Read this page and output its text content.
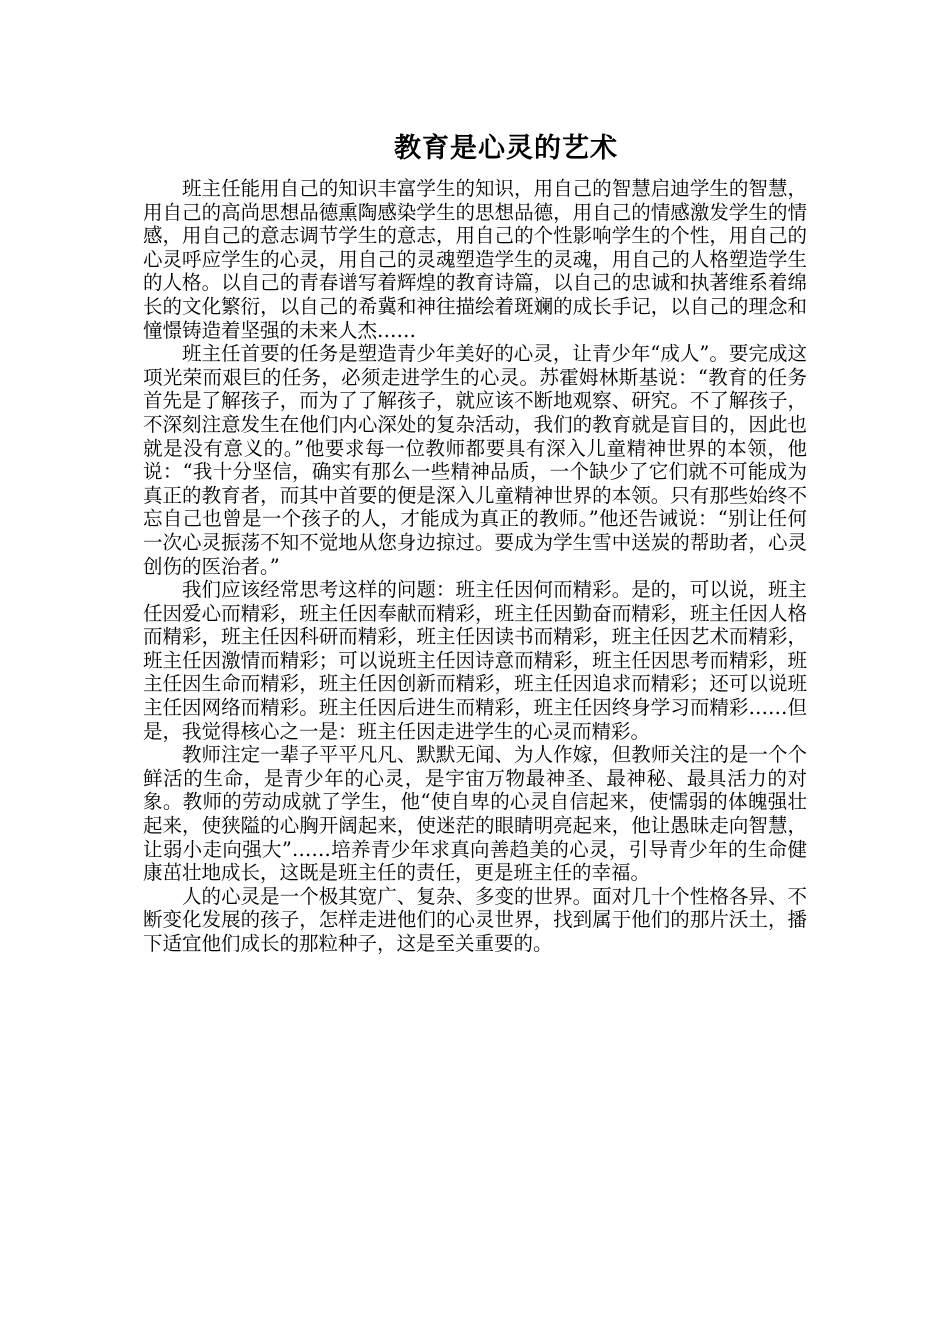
教育是心灵的艺术

班主任能用自己的知识丰富学生的知识，用自己的智慧启迪学生的智慧，用自己的高尚思想品德熏陶感染学生的思想品德，用自己的情感激发学生的情感，用自己的意志调节学生的意志，用自己的个性影响学生的个性，用自己的心灵呼应学生的心灵，用自己的灵魂塑造学生的灵魂，用自己的人格塑造学生的人格。以自己的青春谱写着辉煌的教育诗篇，以自己的忠诚和执著维系着绵长的文化繁衍，以自己的希冀和神往描绘着斑斓的成长手记，以自己的理念和憧憬铸造着坚强的未来人杰……

班主任首要的任务是塑造青少年美好的心灵，让青少年“成人”。要完成这项光荣而艰巨的任务，必须走进学生的心灵。苏霍姆林斯基说：“教育的任务首先是了解孩子，而为了了解孩子，就应该不断地观察、研究。不了解孩子，不深刻注意发生在他们内心深处的复杂活动，我们的教育就是盲目的，因此也就是没有意义的。”他要求每一位教师都要具有深入儿童精神世界的本领，他说：“我十分坚信，确实有那么一些精神品质，一个缺少了它们就不可能成为真正的教育者，而其中首要的便是深入儿童精神世界的本领。只有那些始终不忘自己也曾是一个孩子的人，才能成为真正的教师。”他还告诫说：“别让任何一次心灵振荡不知不觉地从您身边掠过。要成为学生雪中送炭的帮助者，心灵创伤的医治者。”

我们应该经常思考这样的问题：班主任因何而精彩。是的，可以说，班主任因爱心而精彩，班主任因奉献而精彩，班主任因勤奋而精彩，班主任因人格而精彩，班主任因科研而精彩，班主任因读书而精彩，班主任因艺术而精彩，班主任因激情而精彩；可以说班主任因诗意而精彩，班主任因思考而精彩，班主任因生命而精彩，班主任因创新而精彩，班主任因追求而精彩；还可以说班主任因网络而精彩。班主任因后进生而精彩，班主任因终身学习而精彩……但是，我觉得核心之一是：班主任因走进学生的心灵而精彩。

教师注定一辈子平平凡凡、默默无闻、为人作嫁，但教师关注的是一个个鲜活的生命，是青少年的心灵，是宇宙万物最神圣、最神秘、最具活力的对象。教师的劳动成就了学生，他“使自卑的心灵自信起来，使懦弱的体魄强壮起来，使狭隘的心胸开阔起来，使迷茫的眼睛明亮起来，他让愚昧走向智慧，让弱小走向强大”……培养青少年求真向善趋美的心灵，引导青少年的生命健康茁壮地成长，这既是班主任的责任，更是班主任的幸福。

人的心灵是一个极其宽广、复杂、多变的世界。面对几十个性格各异、不断变化发展的孩子，怎样走进他们的心灵世界，找到属于他们的那片沃土，播下适宜他们成长的那粒种子，这是至关重要的。
